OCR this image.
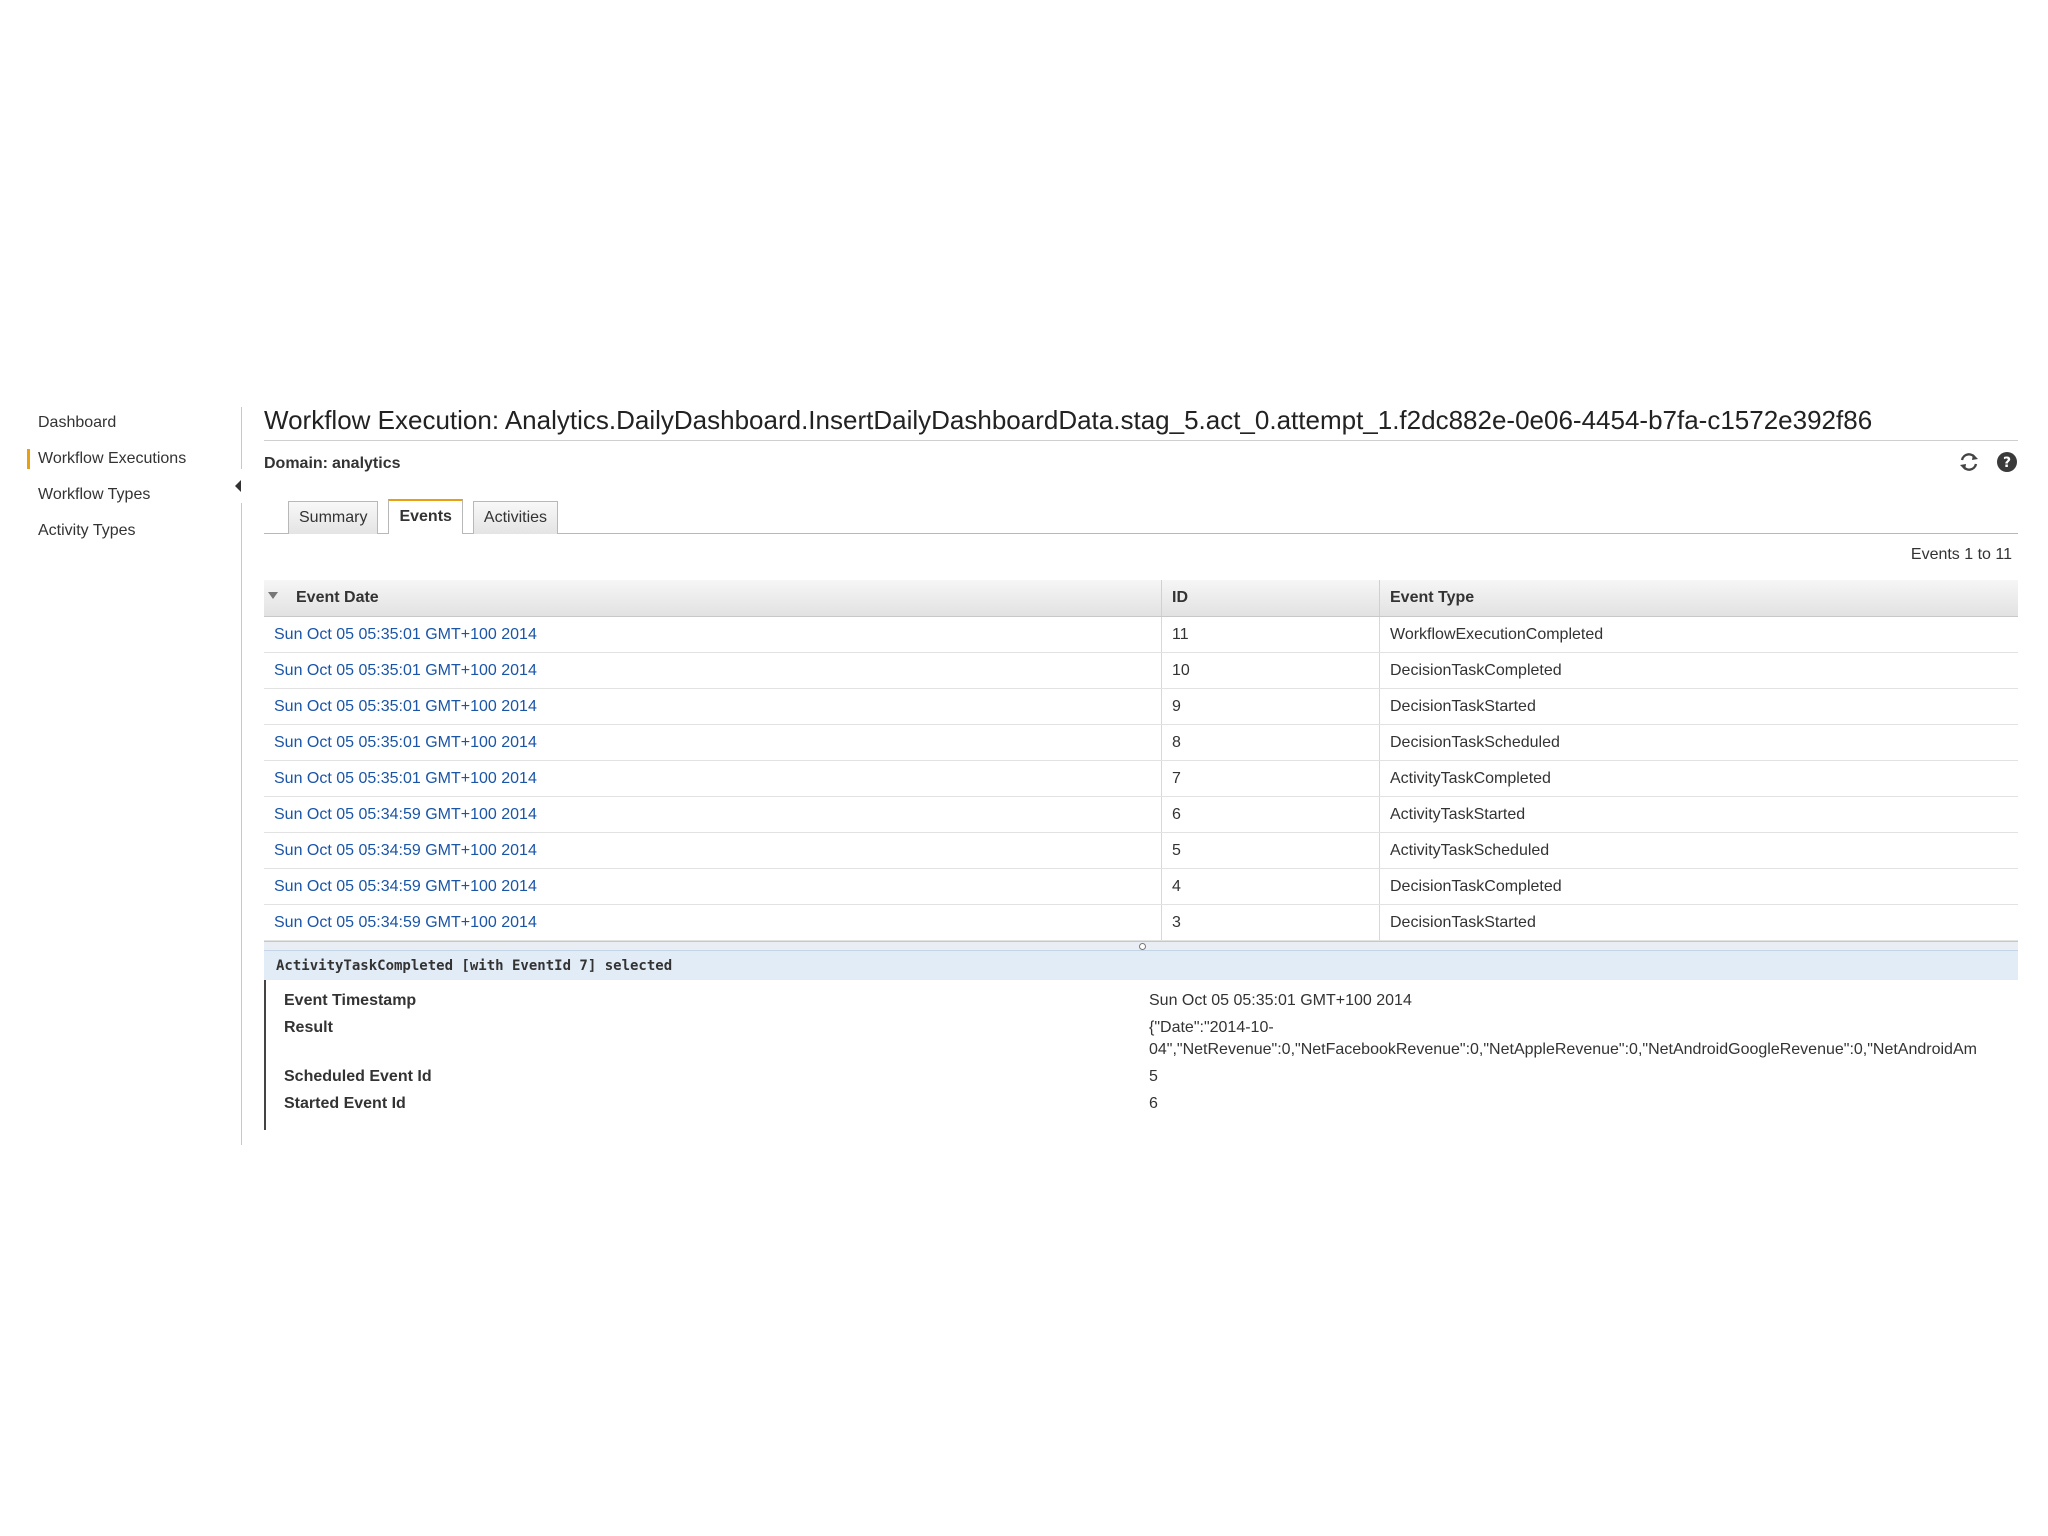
Dashboard
Workflow Executions
Workflow Types
Activity Types
Workflow Execution: Analytics.DailyDashboard.InsertDailyDashboardData.stag_5.act_0.attempt_1.f2dc882e-0e06-4454-b7fa-c1572e392f86
Domain: analytics	?
Summary	Events	Activities
Events 1 to 11
Event Date	ID	Event Type
Sun Oct 05 05:35:01 GMT+100 2014	11	WorkflowExecutionCompleted
Sun Oct 05 05:35:01 GMT+100 2014	10	DecisionTaskCompleted
Sun Oct 05 05:35:01 GMT+100 2014	9	DecisionTaskStarted
Sun Oct 05 05:35:01 GMT+100 2014	8	DecisionTaskScheduled
Sun Oct 05 05:35:01 GMT+100 2014	7	ActivityTaskCompleted
Sun Oct 05 05:34:59 GMT+100 2014	6	ActivityTaskStarted
Sun Oct 05 05:34:59 GMT+100 2014	5	ActivityTaskScheduled
Sun Oct 05 05:34:59 GMT+100 2014	4	DecisionTaskCompleted
Sun Oct 05 05:34:59 GMT+100 2014	3	DecisionTaskStarted
ActivityTaskCompleted [with EventId 7] selected
Event Timestamp	Sun Oct 05 05:35:01 GMT+100 2014
Result	{"Date":"2014-10-
04","NetRevenue":0,"NetFacebookRevenue":0,"NetAppleRevenue":0,"NetAndroidGoogleRevenue":0,"NetAndroidAm
Scheduled Event Id	5
Started Event Id	6
